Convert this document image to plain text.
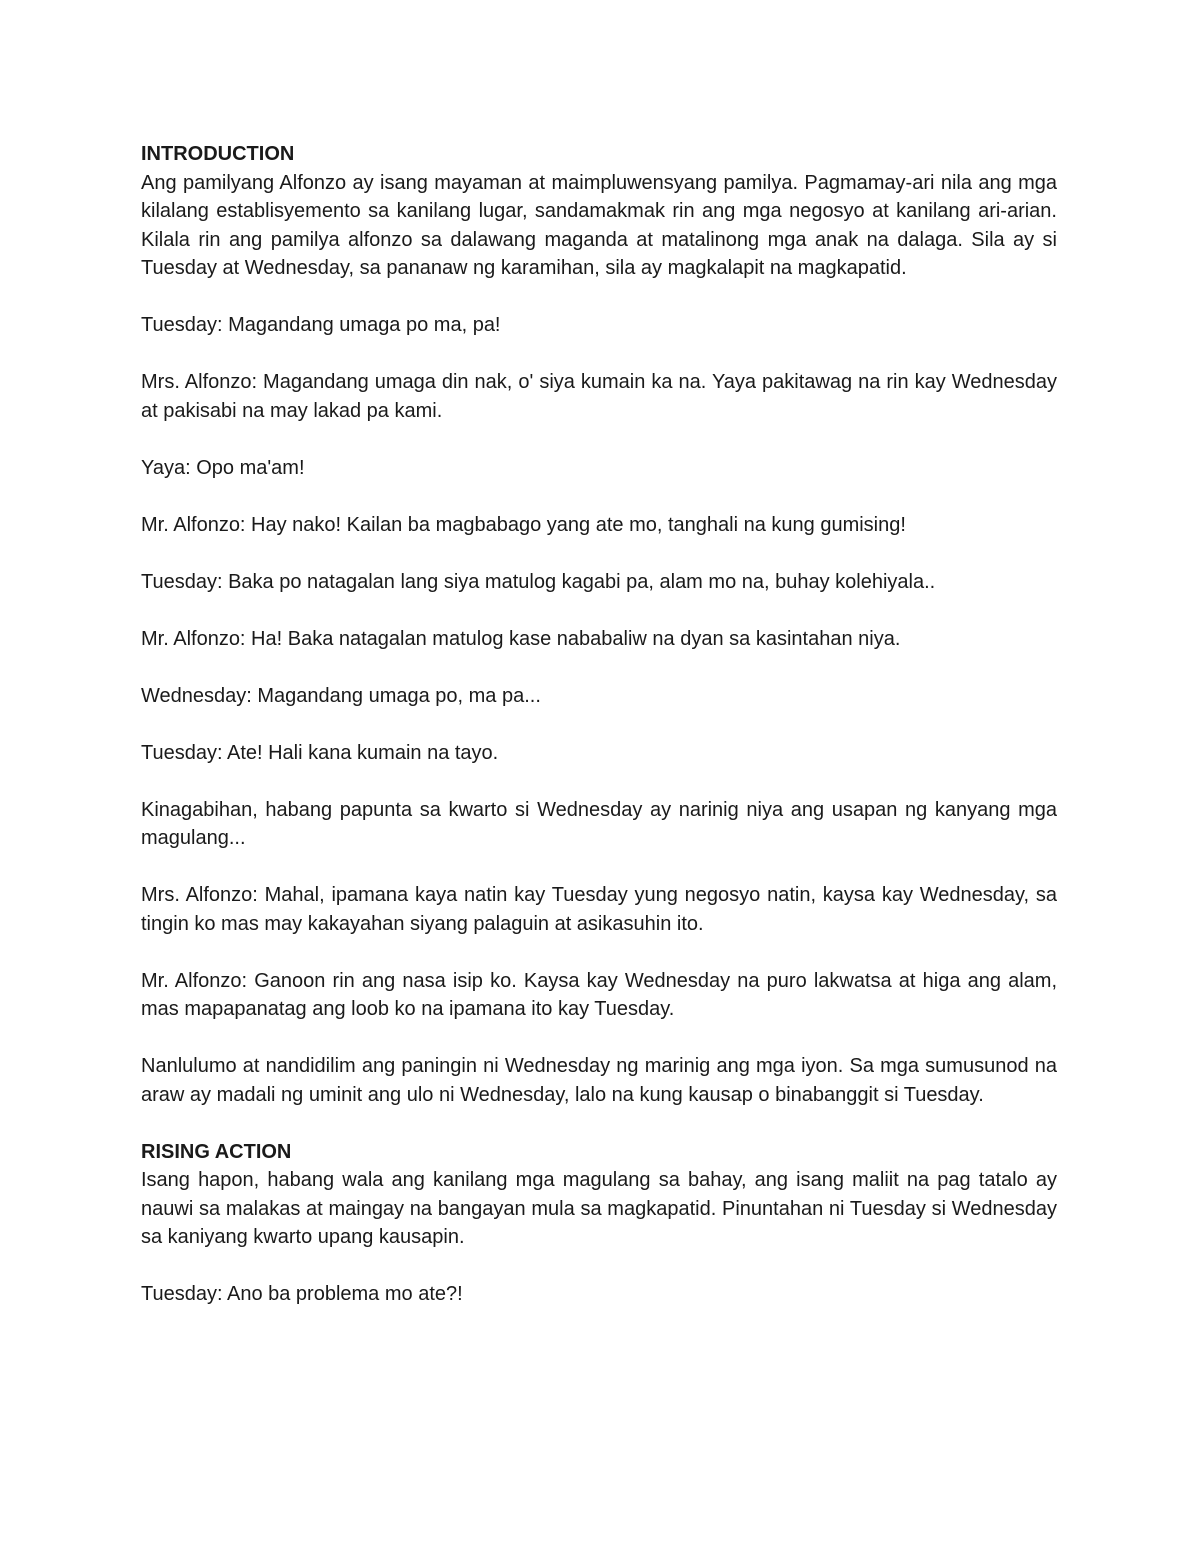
INTRODUCTION

Ang pamilyang Alfonzo ay isang mayaman at maimpluwensyang pamilya. Pagmamay-ari nila ang mga kilalang establisyemento sa kanilang lugar, sandamakmak rin ang mga negosyo at kanilang ari-arian. Kilala rin ang pamilya alfonzo sa dalawang maganda at matalinong mga anak na dalaga. Sila ay si Tuesday at Wednesday, sa pananaw ng karamihan, sila ay magkalapit na magkapatid.

Tuesday: Magandang umaga po ma, pa!

Mrs. Alfonzo: Magandang umaga din nak, o' siya kumain ka na. Yaya pakitawag na rin kay Wednesday at pakisabi na may lakad pa kami.

Yaya: Opo ma'am!

Mr. Alfonzo: Hay nako! Kailan ba magbabago yang ate mo, tanghali na kung gumising!

Tuesday: Baka po natagalan lang siya matulog kagabi pa, alam mo na, buhay kolehiyala..

Mr. Alfonzo: Ha! Baka natagalan matulog kase nababaliw na dyan sa kasintahan niya.

Wednesday: Magandang umaga po, ma pa...

Tuesday: Ate! Hali kana kumain na tayo.

Kinagabihan, habang papunta sa kwarto si Wednesday ay narinig niya ang usapan ng kanyang mga magulang...

Mrs. Alfonzo: Mahal, ipamana kaya natin kay Tuesday yung negosyo natin, kaysa kay Wednesday, sa tingin ko mas may kakayahan siyang palaguin at asikasuhin ito.

Mr. Alfonzo: Ganoon rin ang nasa isip ko. Kaysa kay Wednesday na puro lakwatsa at higa ang alam, mas mapapanatag ang loob ko na ipamana ito kay Tuesday.

Nanlulumo at nandidilim ang paningin ni Wednesday ng marinig ang mga iyon. Sa mga sumusunod na araw ay madali ng uminit ang ulo ni Wednesday, lalo na kung kausap o binabanggit si Tuesday.

RISING ACTION

Isang hapon, habang wala ang kanilang mga magulang sa bahay, ang isang maliit na pag tatalo ay nauwi sa malakas at maingay na bangayan mula sa magkapatid. Pinuntahan ni Tuesday si Wednesday sa kaniyang kwarto upang kausapin.

Tuesday: Ano ba problema mo ate?!
